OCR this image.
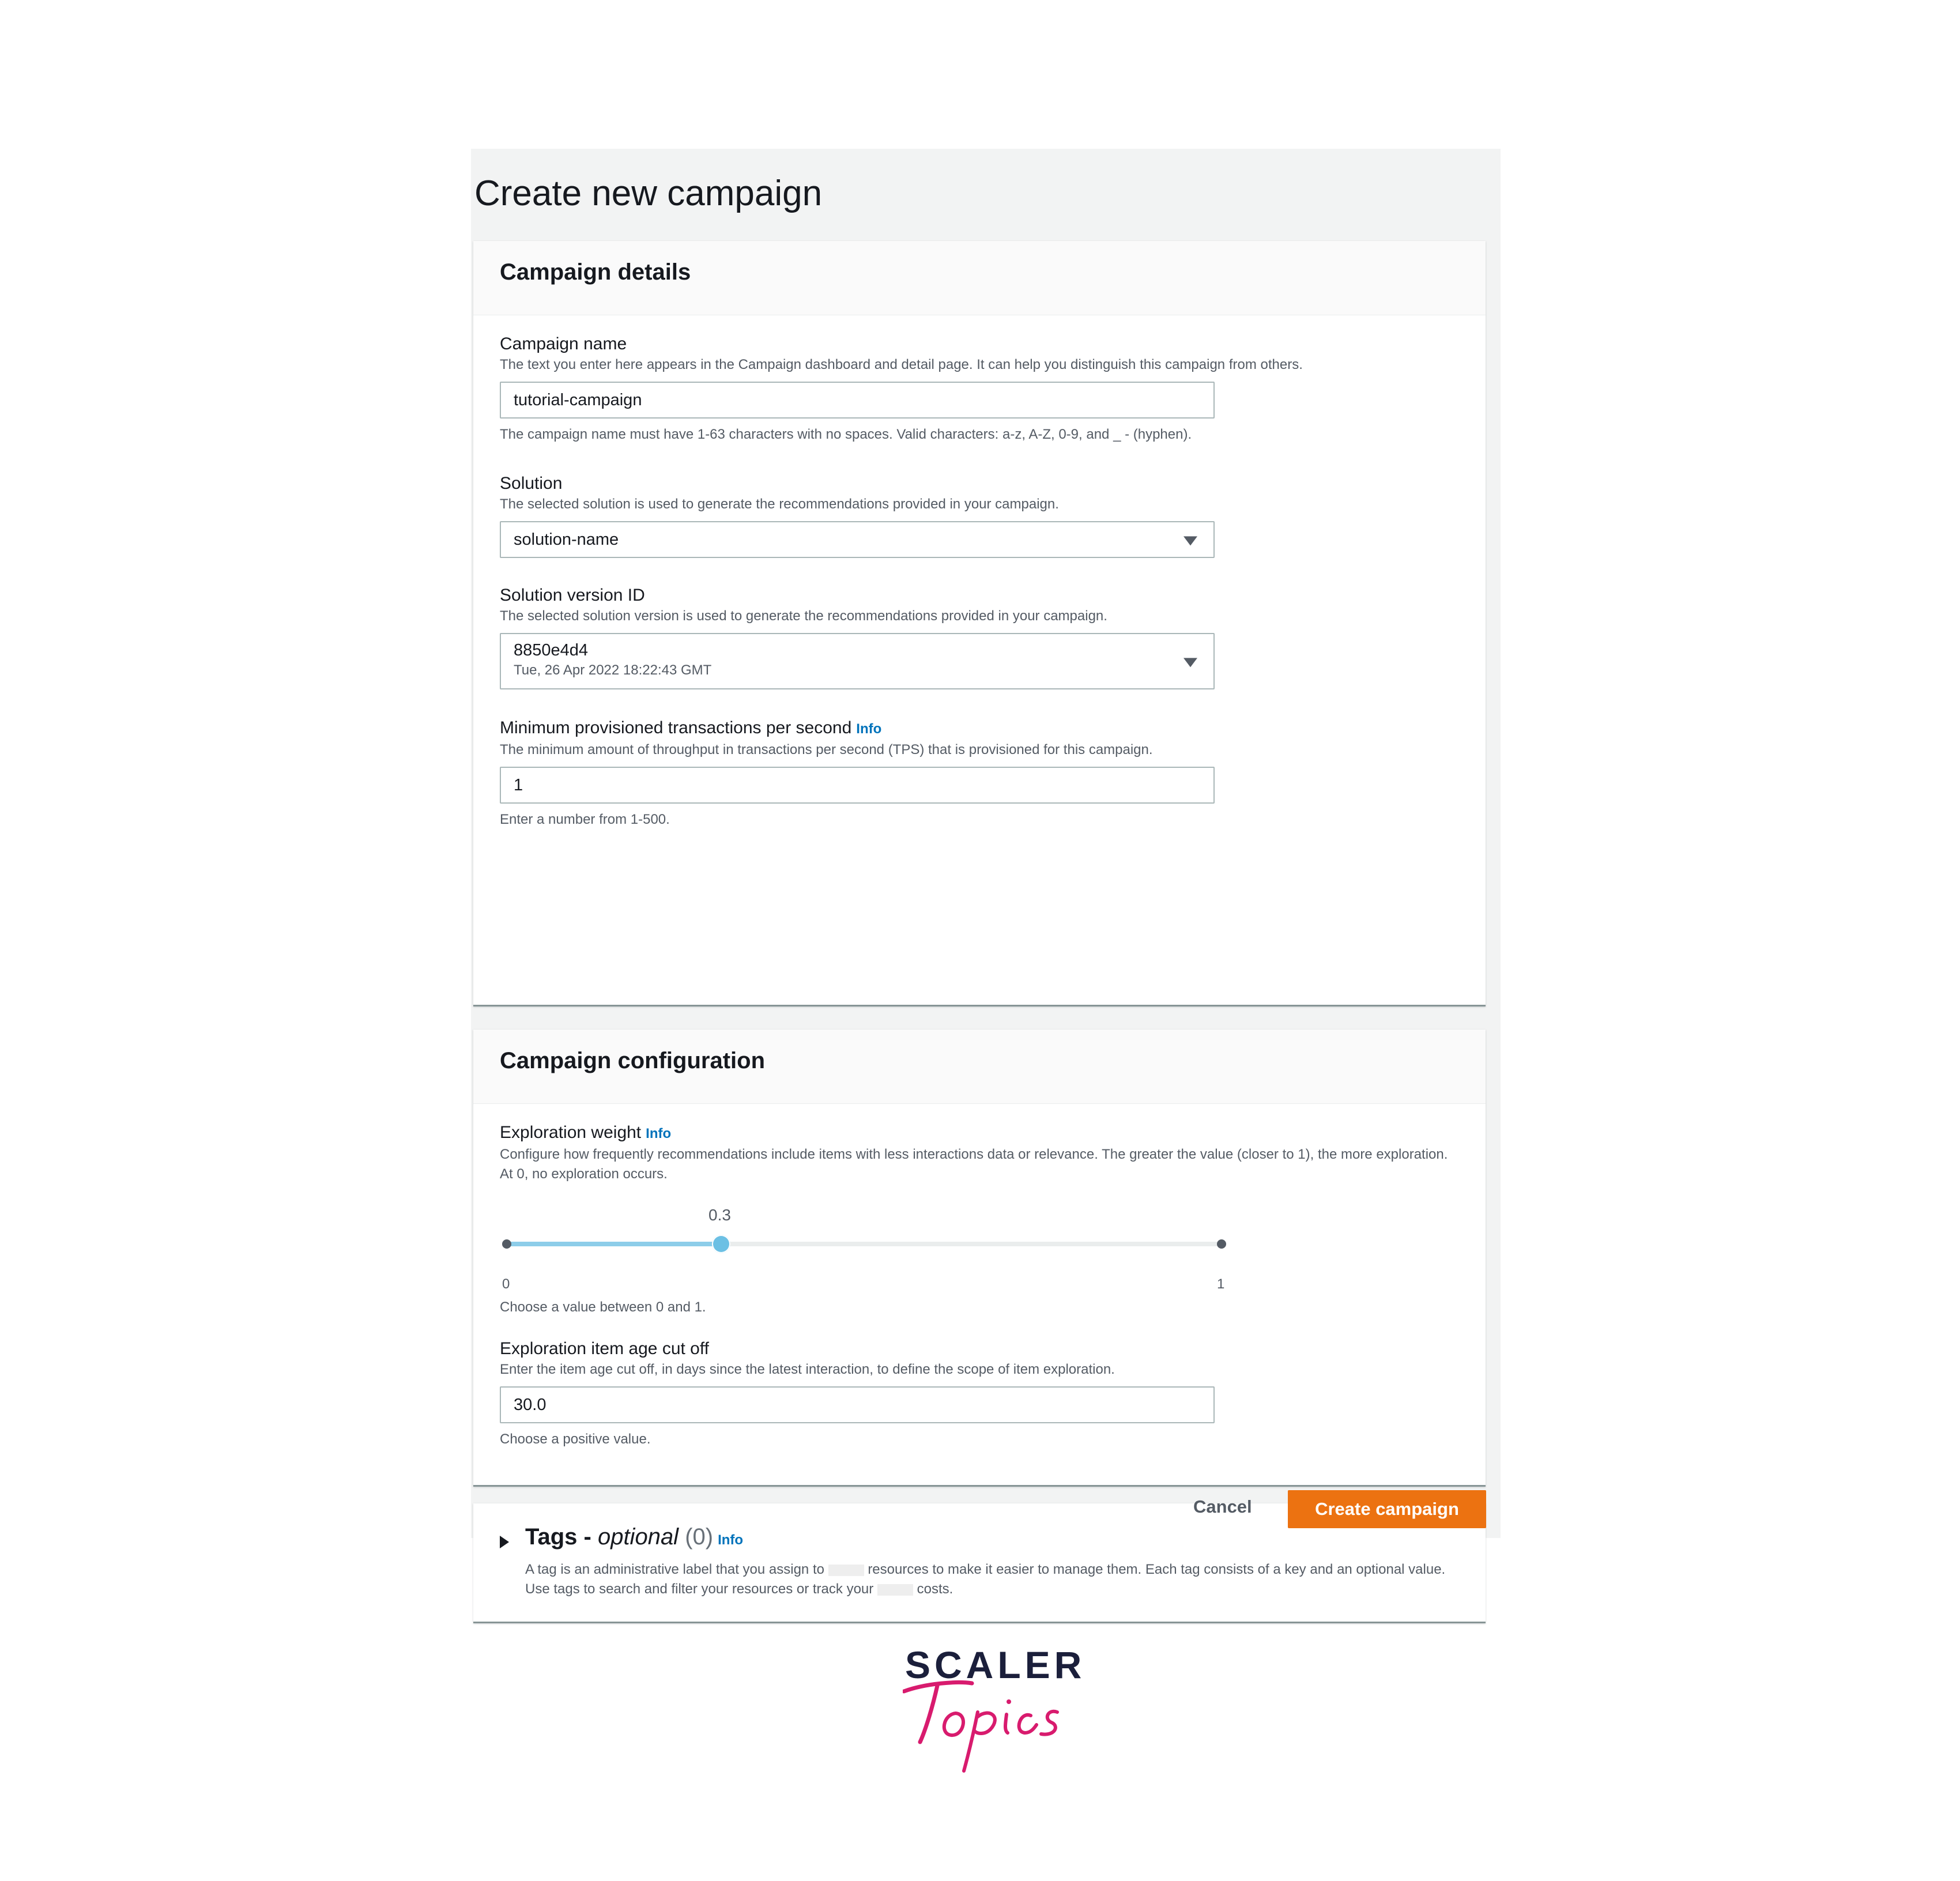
Create new campaign
Campaign details
Campaign name
The text you enter here appears in the Campaign dashboard and detail page. It can help you distinguish this campaign from others.
tutorial-campaign
The campaign name must have 1-63 characters with no spaces. Valid characters: a-z, A-Z, 0-9, and _ - (hyphen).
Solution
The selected solution is used to generate the recommendations provided in your campaign.
solution-name
Solution version ID
The selected solution version is used to generate the recommendations provided in your campaign.
8850e4d4
Tue, 26 Apr 2022 18:22:43 GMT
Minimum provisioned transactions per second Info
The minimum amount of throughput in transactions per second (TPS) that is provisioned for this campaign.
1
Enter a number from 1-500.
Campaign configuration
Exploration weight Info
Configure how frequently recommendations include items with less interactions data or relevance. The greater the value (closer to 1), the more exploration. At 0, no exploration occurs.
0.3
0	1
Choose a value between 0 and 1.
Exploration item age cut off
Enter the item age cut off, in days since the latest interaction, to define the scope of item exploration.
30.0
Choose a positive value.
Tags - optional (0) Info
A tag is an administrative label that you assign to	resources to make it easier to manage them. Each tag consists of a key and an optional value. Use tags to search and filter your resources or track your	costs.
Cancel	Create campaign
SCALER
